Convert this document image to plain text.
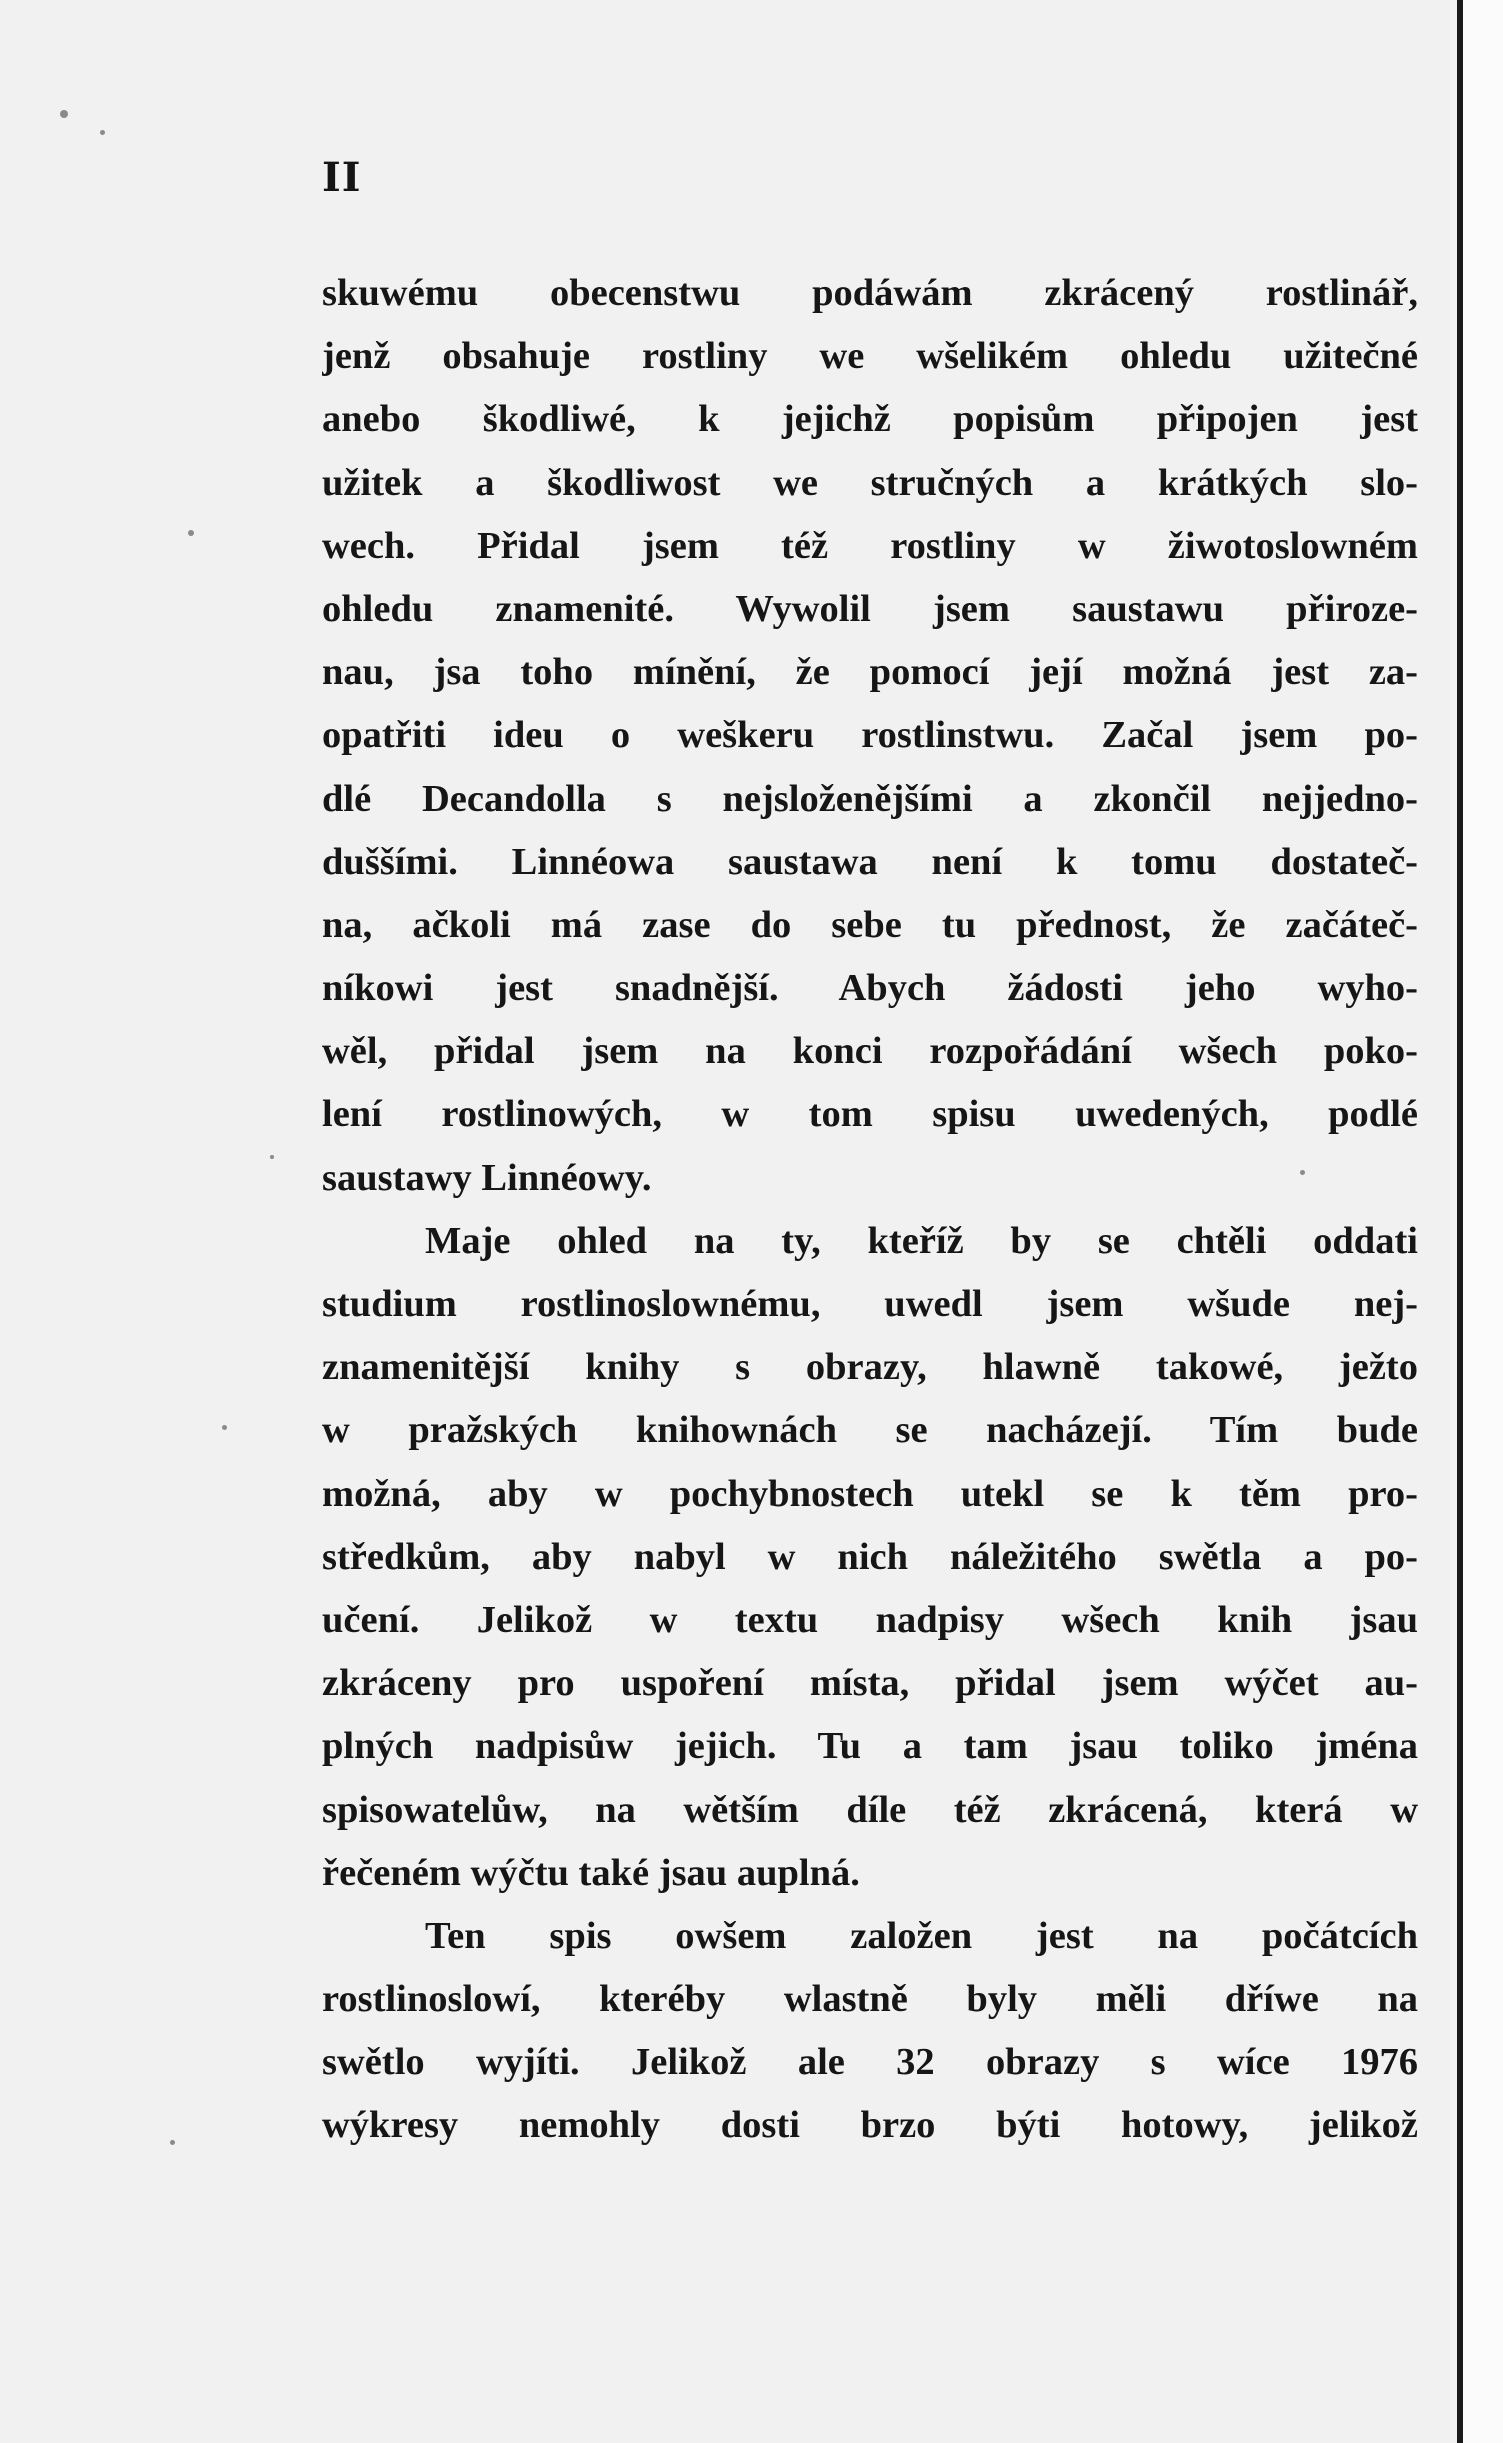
II
skuwému obecenstwu podáwám zkrácený rostlinář,
jenž obsahuje rostliny we wšelikém ohledu užitečné
anebo škodliwé, k jejichž popisům připojen jest
užitek a škodliwost we stručných a krátkých slo-
wech. Přidal jsem též rostliny w žiwotoslowném
ohledu znamenité. Wywolil jsem saustawu přiroze-
nau, jsa toho mínění, že pomocí její možná jest za-
opatřiti ideu o weškeru rostlinstwu. Začal jsem po-
dlé Decandolla s nejsloženějšími a zkončil nejjedno-
duššími. Linnéowa saustawa není k tomu dostateč-
na, ačkoli má zase do sebe tu přednost, že začáteč-
níkowi jest snadnější. Abych žádosti jeho wyho-
wěl, přidal jsem na konci rozpořádání wšech poko-
lení rostlinowých, w tom spisu uwedených, podlé
saustawy Linnéowy.
Maje ohled na ty, kteříž by se chtěli oddati
studium rostlinoslownému, uwedl jsem wšude nej-
znamenitější knihy s obrazy, hlawně takowé, ježto
w pražských knihownách se nacházejí. Tím bude
možná, aby w pochybnostech utekl se k těm pro-
středkům, aby nabyl w nich náležitého swětla a po-
učení. Jelikož w textu nadpisy wšech knih jsau
zkráceny pro uspoření místa, přidal jsem wýčet au-
plných nadpisůw jejich. Tu a tam jsau toliko jména
spisowatelůw, na wětším díle též zkrácená, která w
řečeném wýčtu také jsau auplná.
Ten spis owšem založen jest na počátcích
rostlinoslowí, kteréby wlastně byly měli dříwe na
swětlo wyjíti. Jelikož ale 32 obrazy s wíce 1976
wýkresy nemohly dosti brzo býti hotowy, jelikož
